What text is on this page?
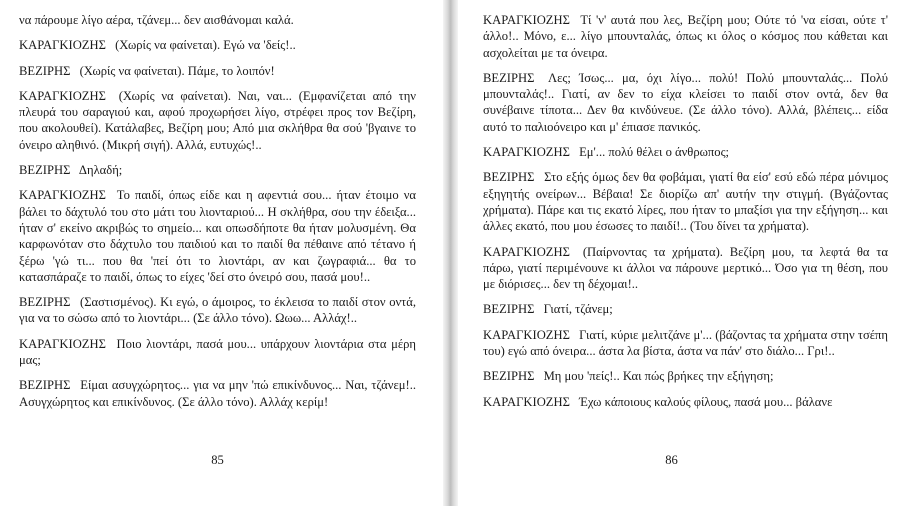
να πάρουμε λίγο αέρα, τζάνεμ... δεν αισθάνομαι καλά.

ΚΑΡΑΓΚΙΟΖΗΣ (Χωρίς να φαίνεται). Εγώ να 'δείς!..

ΒΕΖΙΡΗΣ (Χωρίς να φαίνεται). Πάμε, το λοιπόν!

ΚΑΡΑΓΚΙΟΖΗΣ (Χωρίς να φαίνεται). Ναι, ναι... (Εμφανίζεται από την πλευρά του σαραγιού και, αφού προχωρήσει λίγο, στρέφει προς τον Βεζίρη, που ακολουθεί). Κατάλαβες, Βεζίρη μου; Από μια σκλήθρα θα σού 'βγαινε το όνειρο αληθινό. (Μικρή σιγή). Αλλά, ευτυχώς!..

ΒΕΖΙΡΗΣ Δηλαδή;

ΚΑΡΑΓΚΙΟΖΗΣ Το παιδί, όπως είδε και η αφεντιά σου... ήταν έτοιμο να βάλει το δάχτυλό του στο μάτι του λιονταριού... Η σκλήθρα, σου την έδειξα... ήταν σ' εκείνο ακριβώς το σημείο... και οπωσδήποτε θα ήταν μολυσμένη. Θα καρφωνόταν στο δάχτυλο του παιδιού και το παιδί θα πέθαινε από τέτανο ή ξέρω 'γώ τι... που θα 'πεί ότι το λιοντάρι, αν και ζωγραφιά... θα το κατασπάραζε το παιδί, όπως το είχες 'δεί στο όνειρό σου, πασά μου!..

ΒΕΖΙΡΗΣ (Σαστισμένος). Κι εγώ, ο άμοιρος, το έκλεισα το παιδί στον οντά, για να το σώσω από το λιοντάρι... (Σε άλλο τόνο). Ωωω... Αλλάχ!..

ΚΑΡΑΓΚΙΟΖΗΣ Ποιο λιοντάρι, πασά μου... υπάρχουν λιοντάρια στα μέρη μας;

ΒΕΖΙΡΗΣ Είμαι ασυγχώρητος... για να μην 'πώ επικίνδυνος... Ναι, τζάνεμ!.. Ασυγχώρητος και επικίνδυνος. (Σε άλλο τόνο). Αλλάχ κερίμ!

85

ΚΑΡΑΓΚΙΟΖΗΣ Τί 'ν' αυτά που λες, Βεζίρη μου; Ούτε τό 'να είσαι, ούτε τ' άλλο!.. Μόνο, ε... λίγο μπουνταλάς, όπως κι όλος ο κόσμος που κάθεται και ασχολείται με τα όνειρα.

ΒΕΖΙΡΗΣ Λες; Ίσως... μα, όχι λίγο... πολύ! Πολύ μπουνταλάς... Πολύ μπουνταλάς!.. Γιατί, αν δεν το είχα κλείσει το παιδί στον οντά, δεν θα συνέβαινε τίποτα... Δεν θα κινδύνευε. (Σε άλλο τόνο). Αλλά, βλέπεις... είδα αυτό το παλιοόνειρο και μ' έπιασε πανικός.

ΚΑΡΑΓΚΙΟΖΗΣ Εμ'... πολύ θέλει ο άνθρωπος;

ΒΕΖΙΡΗΣ Στο εξής όμως δεν θα φοβάμαι, γιατί θα είσ' εσύ εδώ πέρα μόνιμος εξηγητής ονείρων... Βέβαια! Σε διορίζω απ' αυτήν την στιγμή. (Βγάζοντας χρήματα). Πάρε και τις εκατό λίρες, που ήταν το μπαξίσι για την εξήγηση... και άλλες εκατό, που μου έσωσες το παιδί!.. (Του δίνει τα χρήματα).

ΚΑΡΑΓΚΙΟΖΗΣ (Παίρνοντας τα χρήματα). Βεζίρη μου, τα λεφτά θα τα πάρω, γιατί περιμένουνε κι άλλοι να πάρουνε μερτικό... Όσο για τη θέση, που με διόρισες... δεν τη δέχομαι!..

ΒΕΖΙΡΗΣ Γιατί, τζάνεμ;

ΚΑΡΑΓΚΙΟΖΗΣ Γιατί, κύριε μελιτζάνε μ'... (βάζοντας τα χρήματα στην τσέπη του) εγώ από όνειρα... άστα λα βίστα, άστα να πάν' στο διάλο... Γρι!..

ΒΕΖΙΡΗΣ Μη μου 'πείς!.. Και πώς βρήκες την εξήγηση;

ΚΑΡΑΓΚΙΟΖΗΣ Έχω κάποιους καλούς φίλους, πασά μου... βάλανε

86
